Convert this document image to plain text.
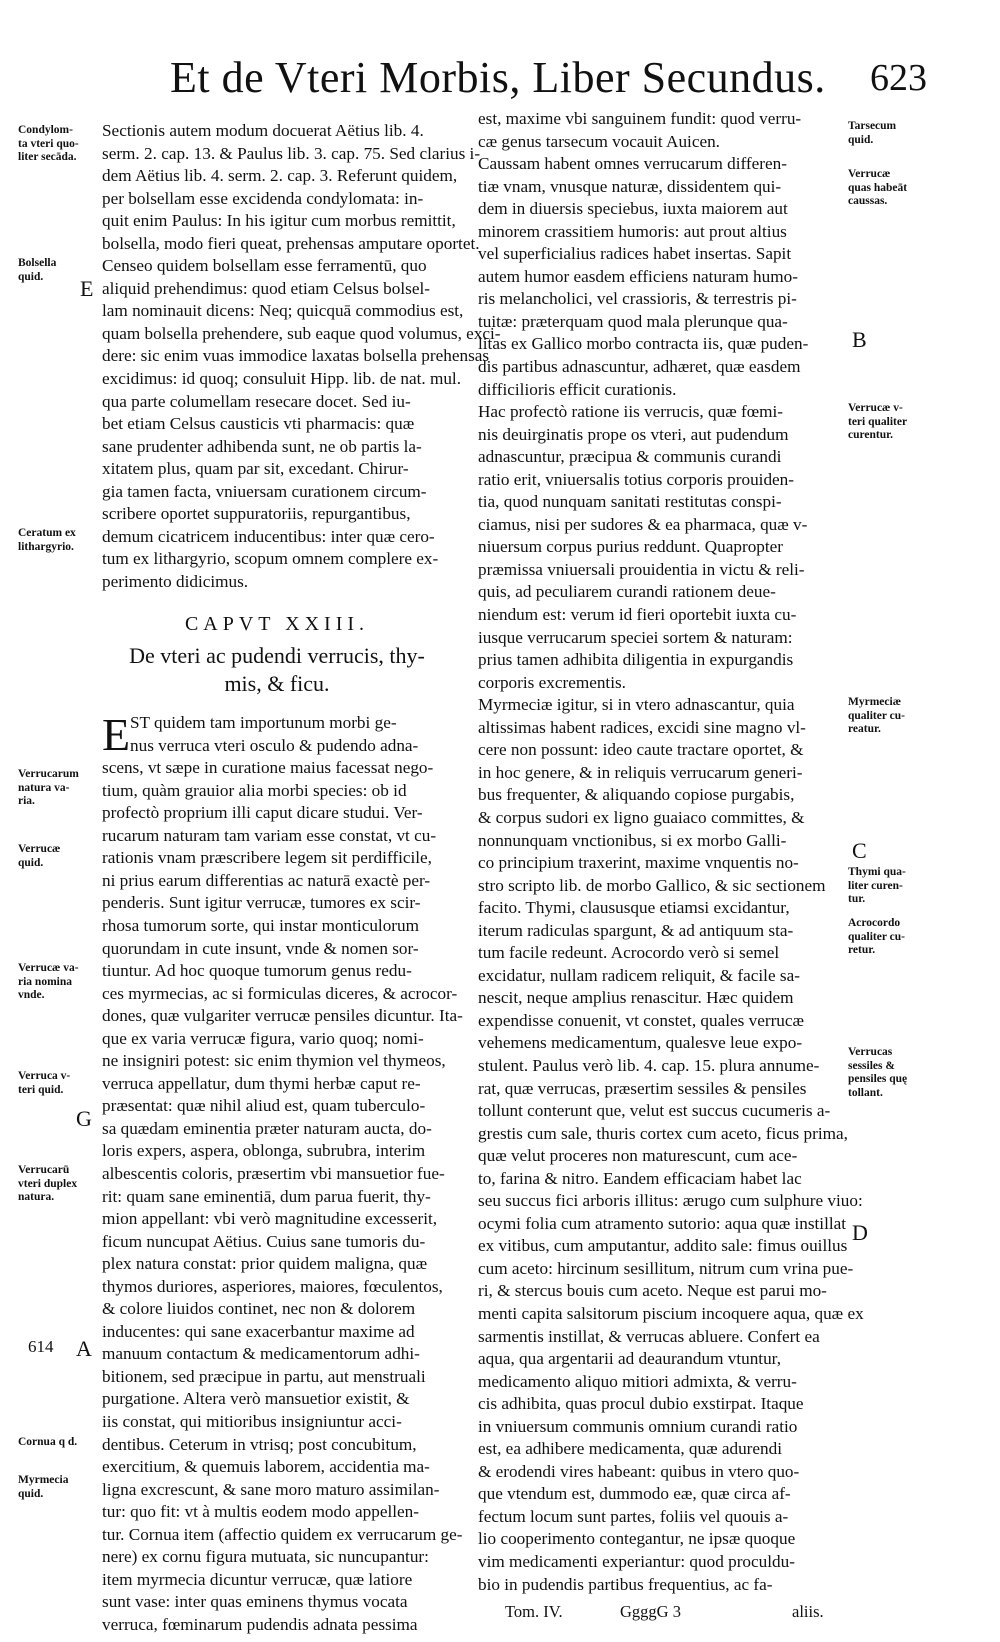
Et de Vteri Morbis, Liber Secundus. 623
Sectionis autem modum docuerat Aëtius lib. 4.
serm. 2. cap. 13. & Paulus lib. 3. cap. 75. Sed clarius i-
dem Aëtius lib. 4. serm. 2. cap. 3. Referunt quidem,
per bolsellam esse excidenda condylomata: in-
quit enim Paulus: In his igitur cum morbus remittit,
bolsella, modo fieri queat, prehensas amputare oportet.
Censeo quidem bolsellam esse ferramentū, quo
aliquid prehendimus: quod etiam Celsus bolsel-
lam nominauit dicens: Neq; quicquā commodius est,
quam bolsella prehendere, sub eaque quod volumus, exci-
dere: sic enim vuas immodice laxatas bolsella prehensas
excidimus: id quoq; consuluit Hipp. lib. de nat. mul.
qua parte columellam resecare docet. Sed iu-
bet etiam Celsus causticis vti pharmacis: quæ
sane prudenter adhibenda sunt, ne ob partis la-
xitatem plus, quam par sit, excedant. Chirur-
gia tamen facta, vniuersam curationem circum-
scribere oportet suppuratoriis, repurgantibus,
demum cicatricem inducentibus: inter quæ cero-
tum ex lithargyrio, scopum omnem complere ex-
perimento didicimus.
CAPVT XXIII.
De vteri ac pudendi verrucis, thy-
mis, & ficu.
E ST quidem tam importunum morbi ge-
nus verruca vteri osculo & pudendo adna-
scens, vt sæpe in curatione maius facessat nego-
tium, quàm grauior alia morbi species: ob id
profectò proprium illi caput dicare studui. Ver-
rucarum naturam tam variam esse constat, vt cu-
rationis vnam præscribere legem sit perdifficile,
ni prius earum differentias ac naturā exactè per-
penderis. Sunt igitur verrucæ, tumores ex scir-
rhosa tumorum sorte, qui instar monticulorum
quorundam in cute insunt, vnde & nomen sor-
tiuntur. Ad hoc quoque tumorum genus redu-
ces myrmecias, ac si formiculas diceres, & acrocor-
dones, quæ vulgariter verrucæ pensiles dicuntur. Ita-
que ex varia verrucæ figura, vario quoq; nomi-
ne insigniri potest: sic enim thymion vel thymeos,
verruca appellatur, dum thymi herbæ caput re-
præsentat: quæ nihil aliud est, quam tuberculo-
sa quædam eminentia præter naturam aucta, do-
loris expers, aspera, oblonga, subrubra, interim
albescentis coloris, præsertim vbi mansuetior fue-
rit: quam sane eminentiā, dum parua fuerit, thy-
mion appellant: vbi verò magnitudine excesserit,
ficum nuncupat Aëtius. Cuius sane tumoris du-
plex natura constat: prior quidem maligna, quæ
thymos duriores, asperiores, maiores, fœculentos,
& colore liuidos continet, nec non & dolorem
inducentes: qui sane exacerbantur maxime ad
manuum contactum & medicamentorum adhi-
bitionem, sed præcipue in partu, aut menstruali
purgatione. Altera verò mansuetior existit, &
iis constat, qui mitioribus insigniuntur acci-
dentibus. Ceterum in vtrisq; post concubitum,
exercitium, & quemuis laborem, accidentia ma-
ligna excrescunt, & sane moro maturo assimilan-
tur: quo fit: vt à multis eodem modo appellen-
tur. Cornua item (affectio quidem ex verrucarum ge-
nere) ex cornu figura mutuata, sic nuncupantur:
item myrmecia dicuntur verrucæ, quæ latiore
sunt vase: inter quas eminens thymus vocata
verruca, fœminarum pudendis adnata pessima
est, maxime vbi sanguinem fundit: quod verru-
cæ genus tarsecum vocauit Auicen.
Caussam habent omnes verrucarum differen-
tiæ vnam, vnusque naturæ, dissidentem qui-
dem in diuersis speciebus, iuxta maiorem aut
minorem crassitiem humoris: aut prout altius
vel superficialius radices habet insertas. Sapit
autem humor easdem efficiens naturam humo-
ris melancholici, vel crassioris, & terrestris pi-
tuitæ: præterquam quod mala plerunque qua-
litas ex Gallico morbo contracta iis, quæ puden-
dis partibus adnascuntur, adhæret, quæ easdem
difficilioris efficit curationis.
Hac profectò ratione iis verrucis, quæ fœmi-
nis deuirginatis prope os vteri, aut pudendum
adnascuntur, præcipua & communis curandi
ratio erit, vniuersalis totius corporis prouiden-
tia, quod nunquam sanitati restitutas conspi-
ciamus, nisi per sudores & ea pharmaca, quæ v-
niuersum corpus purius reddunt. Quapropter
præmissa vniuersali prouidentia in victu & reli-
quis, ad peculiarem curandi rationem deue-
niendum est: verum id fieri oportebit iuxta cu-
iusque verrucarum speciei sortem & naturam:
prius tamen adhibita diligentia in expurgandis
corporis excrementis.
Myrmeciæ igitur, si in vtero adnascantur, quia
altissimas habent radices, excidi sine magno vl-
cere non possunt: ideo caute tractare oportet, &
in hoc genere, & in reliquis verrucarum generi-
bus frequenter, & aliquando copiose purgabis,
& corpus sudori ex ligno guaiaco committes, &
nonnunquam vnctionibus, si ex morbo Galli-
co principium traxerint, maxime vnquentis no-
stro scripto lib. de morbo Gallico, & sic sectionem
facito. Thymi, claususque etiamsi excidantur,
iterum radiculas spargunt, & ad antiquum sta-
tum facile redeunt. Acrocordo verò si semel
excidatur, nullam radicem reliquit, & facile sa-
nescit, neque amplius renascitur. Hæc quidem
expendisse conuenit, vt constet, quales verrucæ
vehemens medicamentum, qualesve leue expo-
stulent. Paulus verò lib. 4. cap. 15. plura annume-
rat, quæ verrucas, præsertim sessiles & pensiles
tollunt conterunt que, velut est succus cucumeris a-
grestis cum sale, thuris cortex cum aceto, ficus prima,
quæ velut proceres non maturescunt, cum ace-
to, farina & nitro. Eandem efficaciam habet lac
seu succus fici arboris illitus: ærugo cum sulphure viuo:
ocymi folia cum atramento sutorio: aqua quæ instillat
ex vitibus, cum amputantur, addito sale: fimus ouillus
cum aceto: hircinum sesillitum, nitrum cum vrina pue-
ri, & stercus bouis cum aceto. Neque est parui mo-
menti capita salsitorum piscium incoquere aqua, quæ ex
sarmentis instillat, & verrucas abluere. Confert ea
aqua, qua argentarii ad deaurandum vtuntur,
medicamento aliquo mitiori admixta, & verru-
cis adhibita, quas procul dubio exstirpat. Itaque
in vniuersum communis omnium curandi ratio
est, ea adhibere medicamenta, quæ adurendi
& erodendi vires habeant: quibus in vtero quo-
que vtendum est, dummodo eæ, quæ circa af-
fectum locum sunt partes, foliis vel quouis a-
lio cooperimento contegantur, ne ipsæ quoque
vim medicamenti experiantur: quod proculdu-
bio in pudendis partibus frequentius, ac fa-
Condylom-
ta vteri quo-
liter secāda.
Bolsella
quid.
Ceratum ex
lithargyrio.
Verrucarum
natura va-
ria.
Verrucæ
quid.
Verrucæ va-
ria nomina
vnde.
Verruca v-
teri quid.
Verrucarū
vteri duplex
natura.
Cornua q d.
Myrmecia
quid.
Tarsecum
quid.
Verrucæ
quas habeāt
caussas.
Verrucæ v-
teri qualiter
curentur.
Myrmeciæ
qualiter cu-
reatur.
Thymi qua-
liter curen-
tur.
Acrocordo
qualiter cu-
retur.
Verrucas
sessiles &
pensiles quę
tollant.
E
B
C
G
D
A
614
Tom. IV.	GgggG 3	aliis.
